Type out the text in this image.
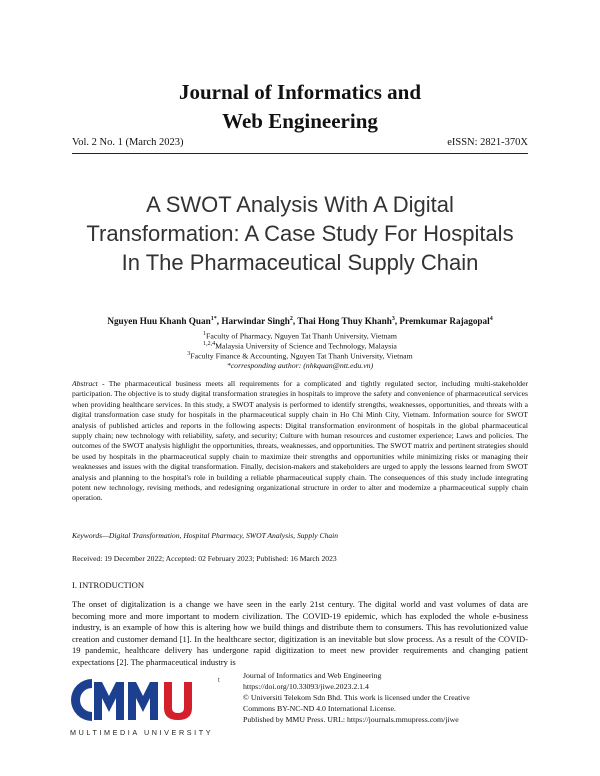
Journal of Informatics and
Web Engineering
Vol. 2 No. 1 (March 2023)	eISSN: 2821-370X
A SWOT Analysis With A Digital Transformation: A Case Study For Hospitals In The Pharmaceutical Supply Chain
Nguyen Huu Khanh Quan$^{1*}$, Harwindar Singh$^2$, Thai Hong Thuy Khanh$^3$, Premkumar Rajagopal$^4$
$^1$Faculty of Pharmacy, Nguyen Tat Thanh University, Vietnam
$^{1,2,4}$Malaysia University of Science and Technology, Malaysia
$^3$Faculty Finance & Accounting, Nguyen Tat Thanh University, Vietnam
*corresponding author: (nhkquan@ntt.edu.vn)
Abstract - The pharmaceutical business meets all requirements for a complicated and tightly regulated sector, including multi-stakeholder participation. The objective is to study digital transformation strategies in hospitals to improve the safety and convenience of pharmaceutical services when providing healthcare services. In this study, a SWOT analysis is performed to identify strengths, weaknesses, opportunities, and threats with a digital transformation case study for hospitals in the pharmaceutical supply chain in Ho Chi Minh City, Vietnam. Information source for SWOT analysis of published articles and reports in the following aspects: Digital transformation environment of hospitals in the global pharmaceutical supply chain; new technology with reliability, safety, and security; Culture with human resources and customer experience; Laws and policies. The outcomes of the SWOT analysis highlight the opportunities, threats, weaknesses, and opportunities. The SWOT matrix and pertinent strategies should be used by hospitals in the pharmaceutical supply chain to maximize their strengths and opportunities while minimizing risks or managing their weaknesses and issues with the digital transformation. Finally, decision-makers and stakeholders are urged to apply the lessons learned from SWOT analysis and planning to the hospital's role in building a reliable pharmaceutical supply chain. The consequences of this study include integrating potent new technology, revising methods, and redesigning organizational structure in order to alter and modernize a pharmaceutical supply chain operation.
Keywords—Digital Transformation, Hospital Pharmacy, SWOT Analysis, Supply Chain
Received: 19 December 2022; Accepted: 02 February 2023; Published: 16 March 2023
I. INTRODUCTION
The onset of digitalization is a change we have seen in the early 21st century. The digital world and vast volumes of data are becoming more and more important to modern civilization. The COVID-19 epidemic, which has exploded the whole e-business industry, is an example of how this is altering how we build things and distribute them to consumers. This has revolutionized value creation and customer demand [1]. In the healthcare sector, digitization is an inevitable but slow process. As a result of the COVID-19 pandemic, healthcare delivery has undergone rapid digitization to meet new provider requirements and changing patient expectations [2]. The pharmaceutical industry is
t
MULTIMEDIA UNIVERSITY
Journal of Informatics and Web Engineering
https://doi.org/10.33093/jiwe.2023.2.1.4
© Universiti Telekom Sdn Bhd. This work is licensed under the Creative
Commons BY-NC-ND 4.0 International License.
Published by MMU Press. URL: https://journals.mmupress.com/jiwe
